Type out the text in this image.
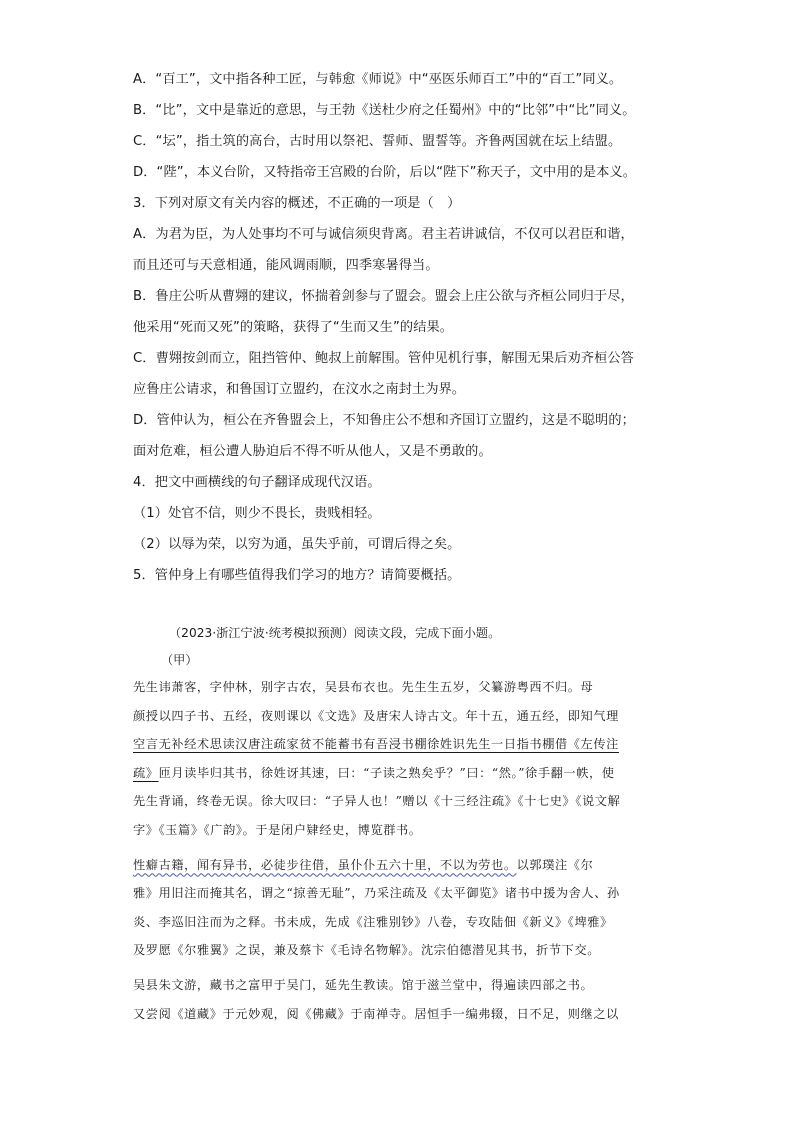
A．“百工”，文中指各种工匠，与韩愈《师说》中“巫医乐师百工”中的“百工”同义。
B．“比”，文中是靠近的意思，与王勃《送杜少府之任蜀州》中的“比邻”中“比”同义。
C．“坛”，指土筑的高台，古时用以祭祀、誓师、盟誓等。齐鲁两国就在坛上结盟。
D．“陛”，本义台阶，又特指帝王宫殿的台阶，后以“陛下”称天子，文中用的是本义。
3．下列对原文有关内容的概述，不正确的一项是（　）
A．为君为臣，为人处事均不可与诚信须臾背离。君主若讲诚信，不仅可以君臣和谐，
而且还可与天意相通，能风调雨顺，四季寒暑得当。
B．鲁庄公听从曹翙的建议，怀揣着剑参与了盟会。盟会上庄公欲与齐桓公同归于尽，
他采用“死而又死”的策略，获得了“生而又生”的结果。
C．曹翙按剑而立，阻挡管仲、鲍叔上前解围。管仲见机行事，解围无果后劝齐桓公答
应鲁庄公请求，和鲁国订立盟约，在汶水之南封土为界。
D．管仲认为，桓公在齐鲁盟会上，不知鲁庄公不想和齐国订立盟约，这是不聪明的；
面对危难，桓公遭人胁迫后不得不听从他人，又是不勇敢的。
4．把文中画横线的句子翻译成现代汉语。
（1）处官不信，则少不畏长，贵贱相轻。
（2）以辱为荣，以穷为通，虽失乎前，可谓后得之矣。
5．管仲身上有哪些值得我们学习的地方？请简要概括。
（2023·浙江宁波·统考模拟预测）阅读文段，完成下面小题。
（甲）
先生讳萧客，字仲林，别字古农，吴县布衣也。先生生五岁，父纂游粤西不归。母
颜授以四子书、五经，夜则课以《文选》及唐宋人诗古文。年十五，通五经，即知气理
空言无补经术思读汉唐注疏家贫不能蓄书有吾浸书棚徐姓识先生一日指书棚借《左传注
疏》匝月读毕归其书，徐姓讶其速，曰：“子读之熟矣乎？”曰：“然。”徐手翻一帙，使
先生背诵，终卷无误。徐大叹曰：“子异人也！”赠以《十三经注疏》《十七史》《说文解
字》《玉篇》《广韵》。于是闭户肄经史，博览群书。
性癖古籍，闻有异书，必徒步往借，虽仆仆五六十里，不以为劳也。以郭璞注《尔
雅》用旧注而掩其名，谓之“掠善无耻”，乃采注疏及《太平御览》诸书中援为舍人、孙
炎、李巡旧注而为之释。书未成，先成《注雅别钞》八卷，专攻陆佃《新义》《埤雅》
及罗愿《尔雅翼》之误，兼及蔡卞《毛诗名物解》。沈宗伯德潜见其书，折节下交。
吴县朱文游，藏书之富甲于吴门，延先生教读。馆于滋兰堂中，得遍读四部之书。
又尝阅《道藏》于元妙观，阅《佛藏》于南禅寺。居恒手一编弗辍，日不足，则继之以
